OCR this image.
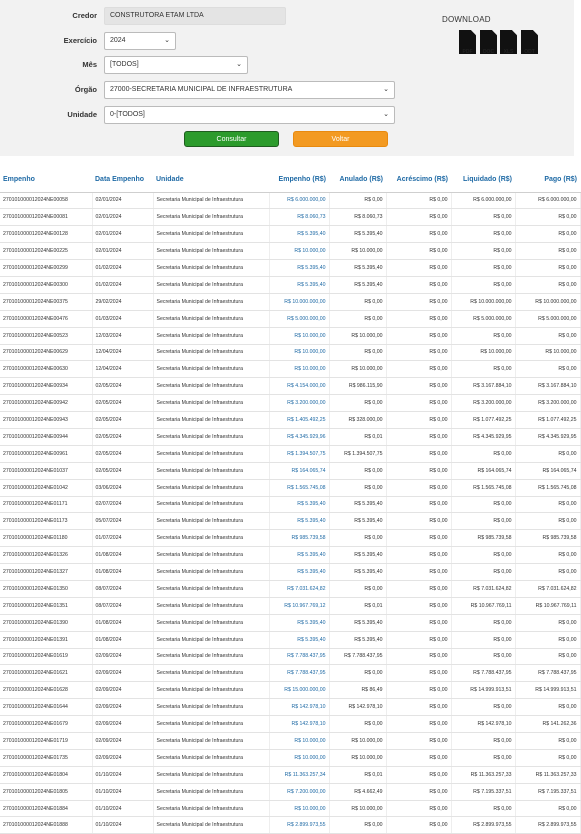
Credor	CONSTRUTORA ETAM LTDA
Exercício	2024	⌄
Mês	[TODOS]	⌄
Órgão	27000-SECRETARIA MUNICIPAL DE INFRAESTRUTURA	⌄
Unidade	0-[TODOS]	⌄
DOWNLOAD
PDF	DOC	XLS	ODT
Consultar	Voltar
Empenho	Data Empenho	Unidade	Empenho (R$)	Anulado (R$)	Acréscimo (R$)	Liquidado (R$)	Pago (R$)
270101000012024NE00058	02/01/2024	Secretaria Municipal de Infraestrutura	R$ 6.000.000,00	R$ 0,00	R$ 0,00	R$ 6.000.000,00	R$ 6.000.000,00
270101000012024NE00081	02/01/2024	Secretaria Municipal de Infraestrutura	R$ 8.060,73	R$ 8.060,73	R$ 0,00	R$ 0,00	R$ 0,00
270101000012024NE00128	02/01/2024	Secretaria Municipal de Infraestrutura	R$ 5.395,40	R$ 5.395,40	R$ 0,00	R$ 0,00	R$ 0,00
270101000012024NE00225	02/01/2024	Secretaria Municipal de Infraestrutura	R$ 10.000,00	R$ 10.000,00	R$ 0,00	R$ 0,00	R$ 0,00
270101000012024NE00299	01/02/2024	Secretaria Municipal de Infraestrutura	R$ 5.395,40	R$ 5.395,40	R$ 0,00	R$ 0,00	R$ 0,00
270101000012024NE00300	01/02/2024	Secretaria Municipal de Infraestrutura	R$ 5.395,40	R$ 5.395,40	R$ 0,00	R$ 0,00	R$ 0,00
270101000012024NE00375	29/02/2024	Secretaria Municipal de Infraestrutura	R$ 10.000.000,00	R$ 0,00	R$ 0,00	R$ 10.000.000,00	R$ 10.000.000,00
270101000012024NE00476	01/03/2024	Secretaria Municipal de Infraestrutura	R$ 5.000.000,00	R$ 0,00	R$ 0,00	R$ 5.000.000,00	R$ 5.000.000,00
270101000012024NE00523	12/03/2024	Secretaria Municipal de Infraestrutura	R$ 10.000,00	R$ 10.000,00	R$ 0,00	R$ 0,00	R$ 0,00
270101000012024NE00629	12/04/2024	Secretaria Municipal de Infraestrutura	R$ 10.000,00	R$ 0,00	R$ 0,00	R$ 10.000,00	R$ 10.000,00
270101000012024NE00630	12/04/2024	Secretaria Municipal de Infraestrutura	R$ 10.000,00	R$ 10.000,00	R$ 0,00	R$ 0,00	R$ 0,00
270101000012024NE00934	02/05/2024	Secretaria Municipal de Infraestrutura	R$ 4.154.000,00	R$ 986.115,90	R$ 0,00	R$ 3.167.884,10	R$ 3.167.884,10
270101000012024NE00942	02/05/2024	Secretaria Municipal de Infraestrutura	R$ 3.200.000,00	R$ 0,00	R$ 0,00	R$ 3.200.000,00	R$ 3.200.000,00
270101000012024NE00943	02/05/2024	Secretaria Municipal de Infraestrutura	R$ 1.405.492,25	R$ 328.000,00	R$ 0,00	R$ 1.077.492,25	R$ 1.077.492,25
270101000012024NE00944	02/05/2024	Secretaria Municipal de Infraestrutura	R$ 4.345.929,96	R$ 0,01	R$ 0,00	R$ 4.345.929,95	R$ 4.345.929,95
270101000012024NE00961	02/05/2024	Secretaria Municipal de Infraestrutura	R$ 1.394.507,75	R$ 1.394.507,75	R$ 0,00	R$ 0,00	R$ 0,00
270101000012024NE01037	02/05/2024	Secretaria Municipal de Infraestrutura	R$ 164.065,74	R$ 0,00	R$ 0,00	R$ 164.065,74	R$ 164.065,74
270101000012024NE01042	03/06/2024	Secretaria Municipal de Infraestrutura	R$ 1.565.745,08	R$ 0,00	R$ 0,00	R$ 1.565.745,08	R$ 1.565.745,08
270101000012024NE01171	02/07/2024	Secretaria Municipal de Infraestrutura	R$ 5.395,40	R$ 5.395,40	R$ 0,00	R$ 0,00	R$ 0,00
270101000012024NE01173	05/07/2024	Secretaria Municipal de Infraestrutura	R$ 5.395,40	R$ 5.395,40	R$ 0,00	R$ 0,00	R$ 0,00
270101000012024NE01180	01/07/2024	Secretaria Municipal de Infraestrutura	R$ 985.739,58	R$ 0,00	R$ 0,00	R$ 985.739,58	R$ 985.739,58
270101000012024NE01326	01/08/2024	Secretaria Municipal de Infraestrutura	R$ 5.395,40	R$ 5.395,40	R$ 0,00	R$ 0,00	R$ 0,00
270101000012024NE01327	01/08/2024	Secretaria Municipal de Infraestrutura	R$ 5.395,40	R$ 5.395,40	R$ 0,00	R$ 0,00	R$ 0,00
270101000012024NE01350	08/07/2024	Secretaria Municipal de Infraestrutura	R$ 7.031.624,82	R$ 0,00	R$ 0,00	R$ 7.031.624,82	R$ 7.031.624,82
270101000012024NE01351	08/07/2024	Secretaria Municipal de Infraestrutura	R$ 10.967.769,12	R$ 0,01	R$ 0,00	R$ 10.967.769,11	R$ 10.967.769,11
270101000012024NE01390	01/08/2024	Secretaria Municipal de Infraestrutura	R$ 5.395,40	R$ 5.395,40	R$ 0,00	R$ 0,00	R$ 0,00
270101000012024NE01391	01/08/2024	Secretaria Municipal de Infraestrutura	R$ 5.395,40	R$ 5.395,40	R$ 0,00	R$ 0,00	R$ 0,00
270101000012024NE01619	02/09/2024	Secretaria Municipal de Infraestrutura	R$ 7.788.437,95	R$ 7.788.437,95	R$ 0,00	R$ 0,00	R$ 0,00
270101000012024NE01621	02/09/2024	Secretaria Municipal de Infraestrutura	R$ 7.788.437,95	R$ 0,00	R$ 0,00	R$ 7.788.437,95	R$ 7.788.437,95
270101000012024NE01628	02/09/2024	Secretaria Municipal de Infraestrutura	R$ 15.000.000,00	R$ 86,49	R$ 0,00	R$ 14.999.913,51	R$ 14.999.913,51
270101000012024NE01644	02/09/2024	Secretaria Municipal de Infraestrutura	R$ 142.978,10	R$ 142.978,10	R$ 0,00	R$ 0,00	R$ 0,00
270101000012024NE01679	02/09/2024	Secretaria Municipal de Infraestrutura	R$ 142.978,10	R$ 0,00	R$ 0,00	R$ 142.978,10	R$ 141.262,36
270101000012024NE01719	02/09/2024	Secretaria Municipal de Infraestrutura	R$ 10.000,00	R$ 10.000,00	R$ 0,00	R$ 0,00	R$ 0,00
270101000012024NE01735	02/09/2024	Secretaria Municipal de Infraestrutura	R$ 10.000,00	R$ 10.000,00	R$ 0,00	R$ 0,00	R$ 0,00
270101000012024NE01804	01/10/2024	Secretaria Municipal de Infraestrutura	R$ 11.363.257,34	R$ 0,01	R$ 0,00	R$ 11.363.257,33	R$ 11.363.257,33
270101000012024NE01805	01/10/2024	Secretaria Municipal de Infraestrutura	R$ 7.200.000,00	R$ 4.662,49	R$ 0,00	R$ 7.195.337,51	R$ 7.195.337,51
270101000012024NE01884	01/10/2024	Secretaria Municipal de Infraestrutura	R$ 10.000,00	R$ 10.000,00	R$ 0,00	R$ 0,00	R$ 0,00
270101000012024NE01888	01/10/2024	Secretaria Municipal de Infraestrutura	R$ 2.899.973,55	R$ 0,00	R$ 0,00	R$ 2.899.973,55	R$ 2.899.973,55
